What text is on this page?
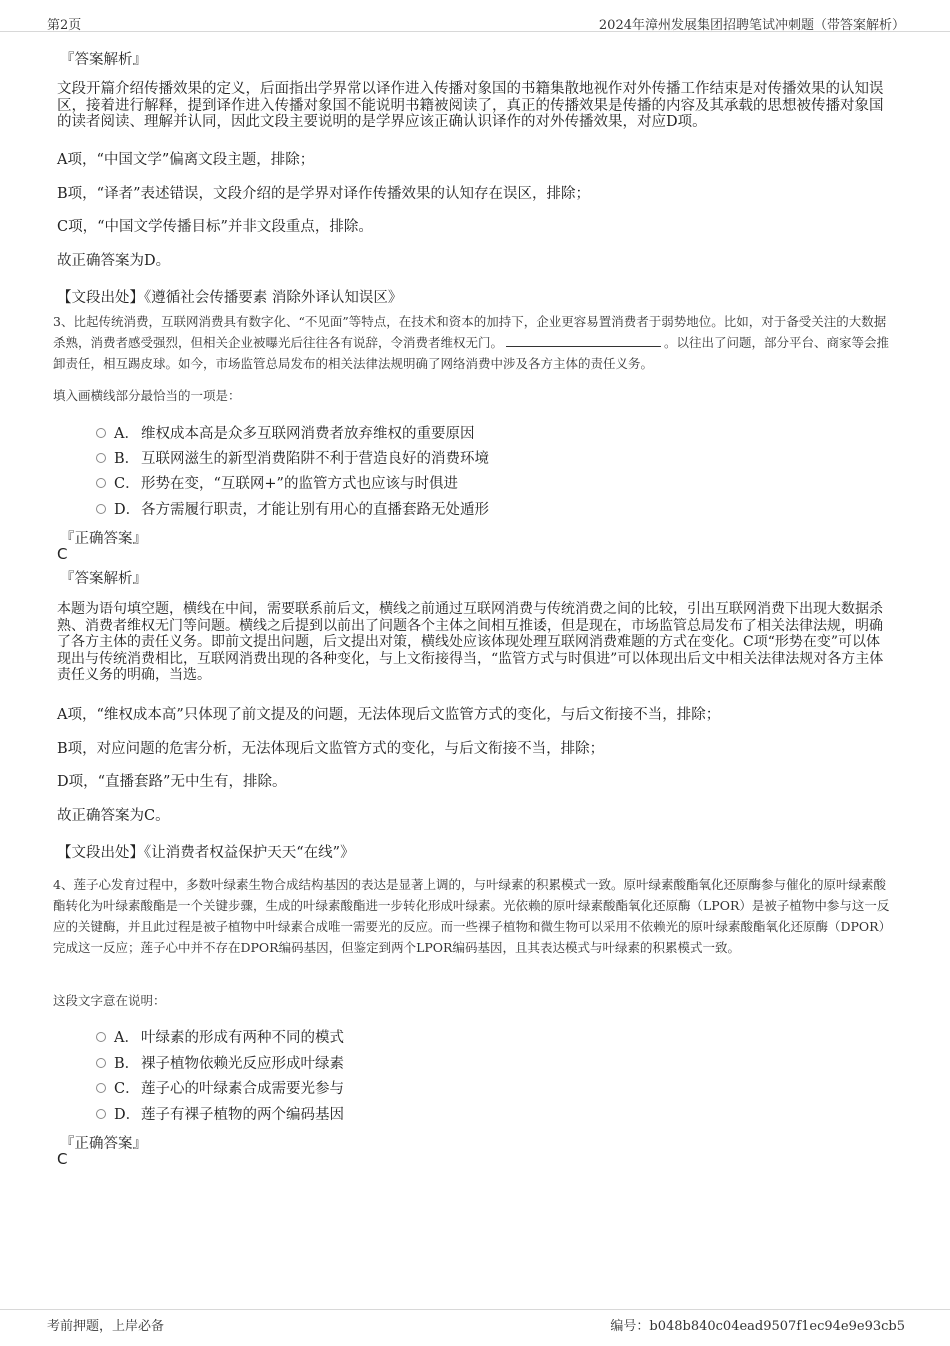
第2页	2024年漳州发展集团招聘笔试冲刺题（带答案解析）
『答案解析』

文段开篇介绍传播效果的定义，后面指出学界常以译作进入传播对象国的书籍集散地视作对外传播工作结束是对传播效果的认知误区，接着进行解释，提到译作进入传播对象国不能说明书籍被阅读了，真正的传播效果是传播的内容及其承载的思想被传播对象国的读者阅读、理解并认同，因此文段主要说明的是学界应该正确认识译作的对外传播效果，对应D项。

A项，“中国文学”偏离文段主题，排除；

B项，“译者”表述错误，文段介绍的是学界对译作传播效果的认知存在误区，排除；

C项，“中国文学传播目标”并非文段重点，排除。

故正确答案为D。

【文段出处】《遵循社会传播要素 消除外译认知误区》

3、比起传统消费，互联网消费具有数字化、“不见面”等特点，在技术和资本的加持下，企业更容易置消费者于弱势地位。比如，对于备受关注的大数据杀熟，消费者感受强烈，但相关企业被曝光后往往各有说辞，令消费者维权无门。	。以往出了问题，部分平台、商家等会推卸责任，相互踢皮球。如今，市场监管总局发布的相关法律法规明确了网络消费中涉及各方主体的责任义务。

填入画横线部分最恰当的一项是：
A． 维权成本高是众多互联网消费者放弃维权的重要原因
B． 互联网滋生的新型消费陷阱不利于营造良好的消费环境
C． 形势在变，“互联网+”的监管方式也应该与时俱进
D． 各方需履行职责，才能让别有用心的直播套路无处遁形
『正确答案』
C
『答案解析』

本题为语句填空题，横线在中间，需要联系前后文，横线之前通过互联网消费与传统消费之间的比较，引出互联网消费下出现大数据杀熟、消费者维权无门等问题。横线之后提到以前出了问题各个主体之间相互推诿，但是现在，市场监管总局发布了相关法律法规，明确了各方主体的责任义务。即前文提出问题，后文提出对策，横线处应该体现处理互联网消费难题的方式在变化。C项“形势在变”可以体现出与传统消费相比，互联网消费出现的各种变化，与上文衔接得当，“监管方式与时俱进”可以体现出后文中相关法律法规对各方主体责任义务的明确，当选。

A项，“维权成本高”只体现了前文提及的问题，无法体现后文监管方式的变化，与后文衔接不当，排除；

B项，对应问题的危害分析，无法体现后文监管方式的变化，与后文衔接不当，排除；

D项，“直播套路”无中生有，排除。

故正确答案为C。

【文段出处】《让消费者权益保护天天“在线”》

4、莲子心发育过程中，多数叶绿素生物合成结构基因的表达是显著上调的，与叶绿素的积累模式一致。原叶绿素酸酯氧化还原酶参与催化的原叶绿素酸酯转化为叶绿素酸酯是一个关键步骤，生成的叶绿素酸酯进一步转化形成叶绿素。光依赖的原叶绿素酸酯氧化还原酶（LPOR）是被子植物中参与这一反应的关键酶，并且此过程是被子植物中叶绿素合成唯一需要光的反应。而一些裸子植物和微生物可以采用不依赖光的原叶绿素酸酯氧化还原酶（DPOR）完成这一反应；莲子心中并不存在DPOR编码基因，但鉴定到两个LPOR编码基因，且其表达模式与叶绿素的积累模式一致。

这段文字意在说明：
A． 叶绿素的形成有两种不同的模式
B． 裸子植物依赖光反应形成叶绿素
C． 莲子心的叶绿素合成需要光参与
D． 莲子有裸子植物的两个编码基因
『正确答案』
C
考前押题，上岸必备	编号：b048b840c04ead9507f1ec94e9e93cb5
